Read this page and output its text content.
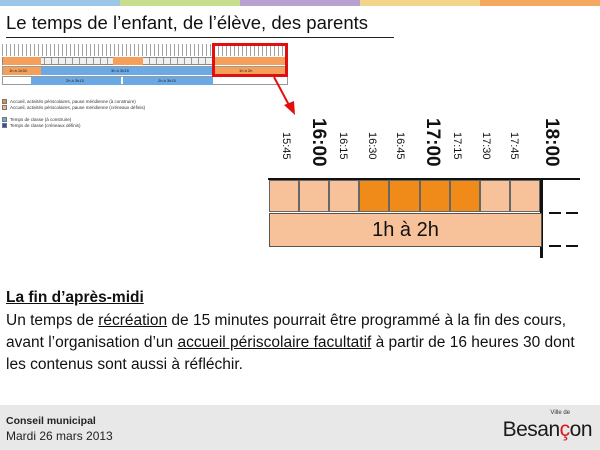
Le temps de l’enfant, de l’élève, des parents
1h à 1h30	3h à 3h15	1h à 2h
2h à 3h15	2h à 3h15
Accueil, activités périscolaires, pause méridienne (à construire)
Accueil, activités périscolaires, pause méridienne (créneaux définis)
Temps de classe (à construire)
Temps de classe (créneaux définis)
1h à 2h
15:45 16:00 16:15 16:30 16:45 17:00 17:15 17:30 17:45 18:00
La fin d’après-midi
Un temps de récréation de 15 minutes pourrait être programmé à la fin des cours, avant l’organisation d’un accueil périscolaire facultatif à partir de 16 heures 30 dont les contenus sont aussi à réfléchir.
Conseil municipal
Mardi 26 mars 2013
Ville de
Besançon
